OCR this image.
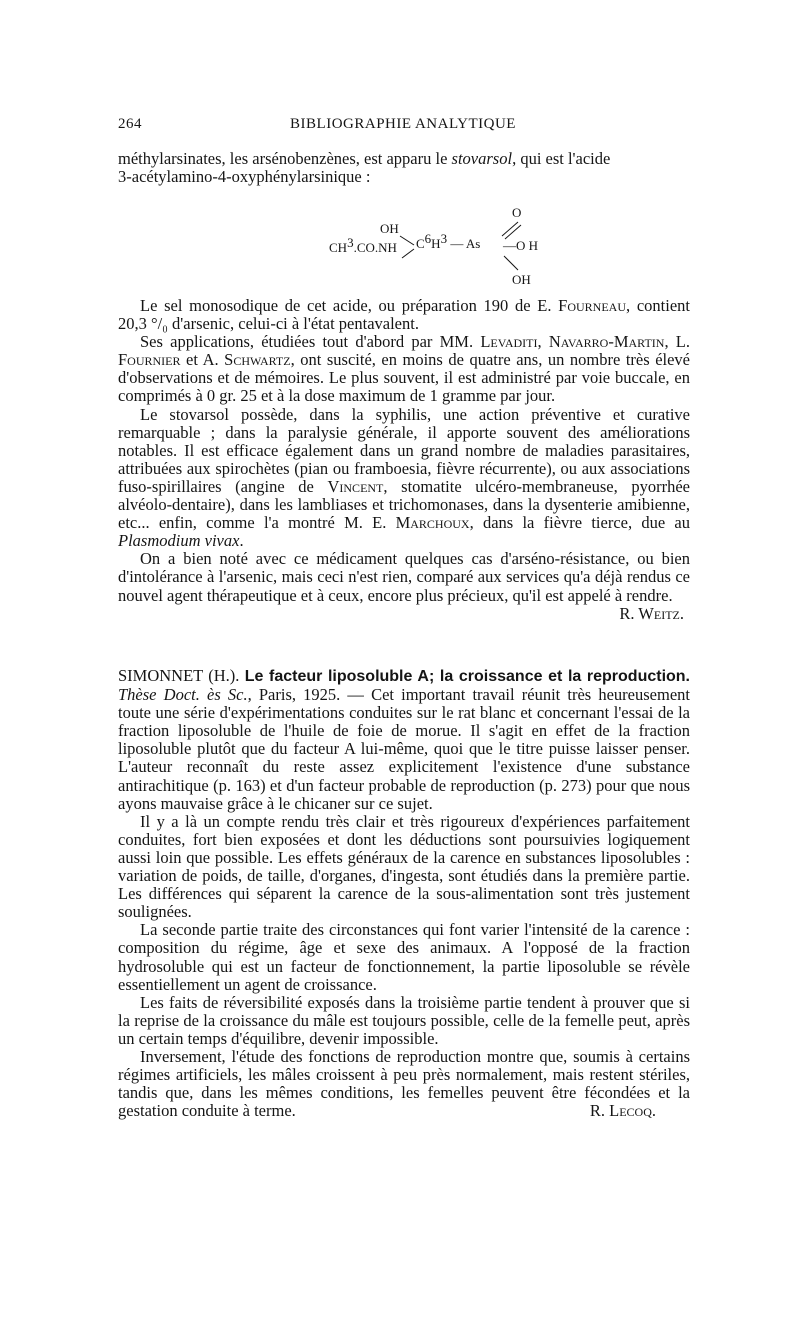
264	BIBLIOGRAPHIE ANALYTIQUE

méthylarsinates, les arsénobenzènes, est apparu le stovarsol, qui est l'acide
3-acétylamino-4-oxyphénylarsinique :

O
OH
CH3.CO.NH C6H3 — As —O H
OH

Le sel monosodique de cet acide, ou préparation 190 de E. Fourneau, contient 20,3 °/₀ d'arsenic, celui-ci à l'état pentavalent.

Ses applications, étudiées tout d'abord par MM. Levaditi, Navarro-Martin, L. Fournier et A. Schwartz, ont suscité, en moins de quatre ans, un nombre très élevé d'observations et de mémoires. Le plus souvent, il est administré par voie buccale, en comprimés à 0 gr. 25 et à la dose maximum de 1 gramme par jour.

Le stovarsol possède, dans la syphilis, une action préventive et curative remarquable ; dans la paralysie générale, il apporte souvent des améliorations notables. Il est efficace également dans un grand nombre de maladies parasitaires, attribuées aux spirochètes (pian ou framboesia, fièvre récurrente), ou aux associations fuso-spirillaires (angine de Vincent, stomatite ulcéro-membraneuse, pyorrhée alvéolo-dentaire), dans les lambliases et trichomonases, dans la dysenterie amibienne, etc... enfin, comme l'a montré M. E. Marchoux, dans la fièvre tierce, due au Plasmodium vivax.

On a bien noté avec ce médicament quelques cas d'arséno-résistance, ou bien d'intolérance à l'arsenic, mais ceci n'est rien, comparé aux services qu'a déjà rendus ce nouvel agent thérapeutique et à ceux, encore plus précieux, qu'il est appelé à rendre.
R. Weitz.

SIMONNET (H.). Le facteur liposoluble A; la croissance et la reproduction. Thèse Doct. ès Sc., Paris, 1925. — Cet important travail réunit très heureusement toute une série d'expérimentations conduites sur le rat blanc et concernant l'essai de la fraction liposoluble de l'huile de foie de morue. Il s'agit en effet de la fraction liposoluble plutôt que du facteur A lui-même, quoi que le titre puisse laisser penser. L'auteur reconnaît du reste assez explicitement l'existence d'une substance antirachitique (p. 163) et d'un facteur probable de reproduction (p. 273) pour que nous ayons mauvaise grâce à le chicaner sur ce sujet.

Il y a là un compte rendu très clair et très rigoureux d'expériences parfaitement conduites, fort bien exposées et dont les déductions sont poursuivies logiquement aussi loin que possible. Les effets généraux de la carence en substances liposolubles : variation de poids, de taille, d'organes, d'ingesta, sont étudiés dans la première partie. Les différences qui séparent la carence de la sous-alimentation sont très justement soulignées.

La seconde partie traite des circonstances qui font varier l'intensité de la carence : composition du régime, âge et sexe des animaux. A l'opposé de la fraction hydrosoluble qui est un facteur de fonctionnement, la partie liposoluble se révèle essentiellement un agent de croissance.

Les faits de réversibilité exposés dans la troisième partie tendent à prouver que si la reprise de la croissance du mâle est toujours possible, celle de la femelle peut, après un certain temps d'équilibre, devenir impossible.

Inversement, l'étude des fonctions de reproduction montre que, soumis à certains régimes artificiels, les mâles croissent à peu près normalement, mais restent stériles, tandis que, dans les mêmes conditions, les femelles peuvent être fécondées et la gestation conduite à terme.	R. Lecoq.
